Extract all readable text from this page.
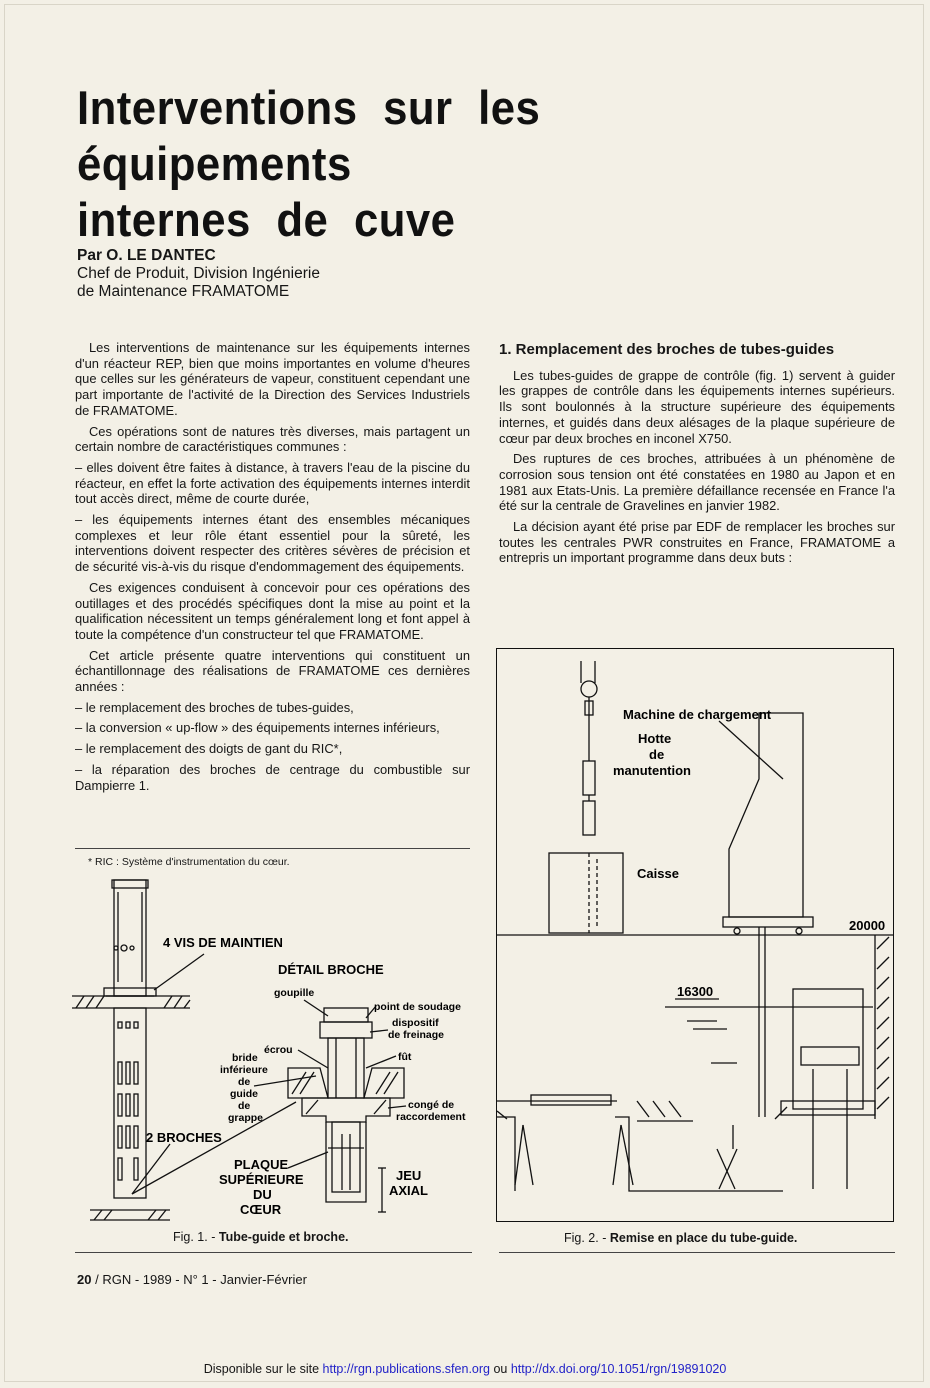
Interventions sur les équipements
internes de cuve
Par O. LE DANTEC
Chef de Produit, Division Ingénierie
de Maintenance FRAMATOME

Les interventions de maintenance sur les équipements internes d'un réacteur REP, bien que moins importantes en volume d'heures que celles sur les générateurs de vapeur, constituent cependant une part importante de l'activité de la Direction des Services Industriels de FRAMATOME.

Ces opérations sont de natures très diverses, mais partagent un certain nombre de caractéristiques communes :

– elles doivent être faites à distance, à travers l'eau de la piscine du réacteur, en effet la forte activation des équipements internes interdit tout accès direct, même de courte durée,

– les équipements internes étant des ensembles mécaniques complexes et leur rôle étant essentiel pour la sûreté, les interventions doivent respecter des critères sévères de précision et de sécurité vis-à-vis du risque d'endommagement des équipements.

Ces exigences conduisent à concevoir pour ces opérations des outillages et des procédés spécifiques dont la mise au point et la qualification nécessitent un temps généralement long et font appel à toute la compétence d'un constructeur tel que FRAMATOME.

Cet article présente quatre interventions qui constituent un échantillonnage des réalisations de FRAMATOME ces dernières années :

– le remplacement des broches de tubes-guides,

– la conversion « up-flow » des équipements internes inférieurs,

– le remplacement des doigts de gant du RIC*,

– la réparation des broches de centrage du combustible sur Dampierre 1.

* RIC : Système d'instrumentation du cœur.

1. Remplacement des broches de tubes-guides

Les tubes-guides de grappe de contrôle (fig. 1) servent à guider les grappes de contrôle dans les équipements internes supérieurs. Ils sont boulonnés à la structure supérieure des équipements internes, et guidés dans deux alésages de la plaque supérieure de cœur par deux broches en inconel X750.

Des ruptures de ces broches, attribuées à un phénomène de corrosion sous tension ont été constatées en 1980 au Japon et en 1981 aux Etats-Unis. La première défaillance recensée en France l'a été sur la centrale de Gravelines en janvier 1982.

La décision ayant été prise par EDF de remplacer les broches sur toutes les centrales PWR construites en France, FRAMATOME a entrepris un important programme dans deux buts :

4 VIS DE MAINTIEN
DÉTAIL BROCHE
goupille
point de soudage
dispositif
de freinage
écrou
fût
bride
inférieure
de
guide
de
grappe
congé de
raccordement
2 BROCHES
PLAQUE
SUPÉRIEURE
DU
CŒUR
JEU
AXIAL
Fig. 1. - Tube-guide et broche.
Machine de chargement
Hotte
de
manutention
Caisse
20000
16300
Fig. 2. - Remise en place du tube-guide.
20 / RGN - 1989 - N° 1 - Janvier-Février
Disponible sur le site http://rgn.publications.sfen.org ou http://dx.doi.org/10.1051/rgn/19891020
